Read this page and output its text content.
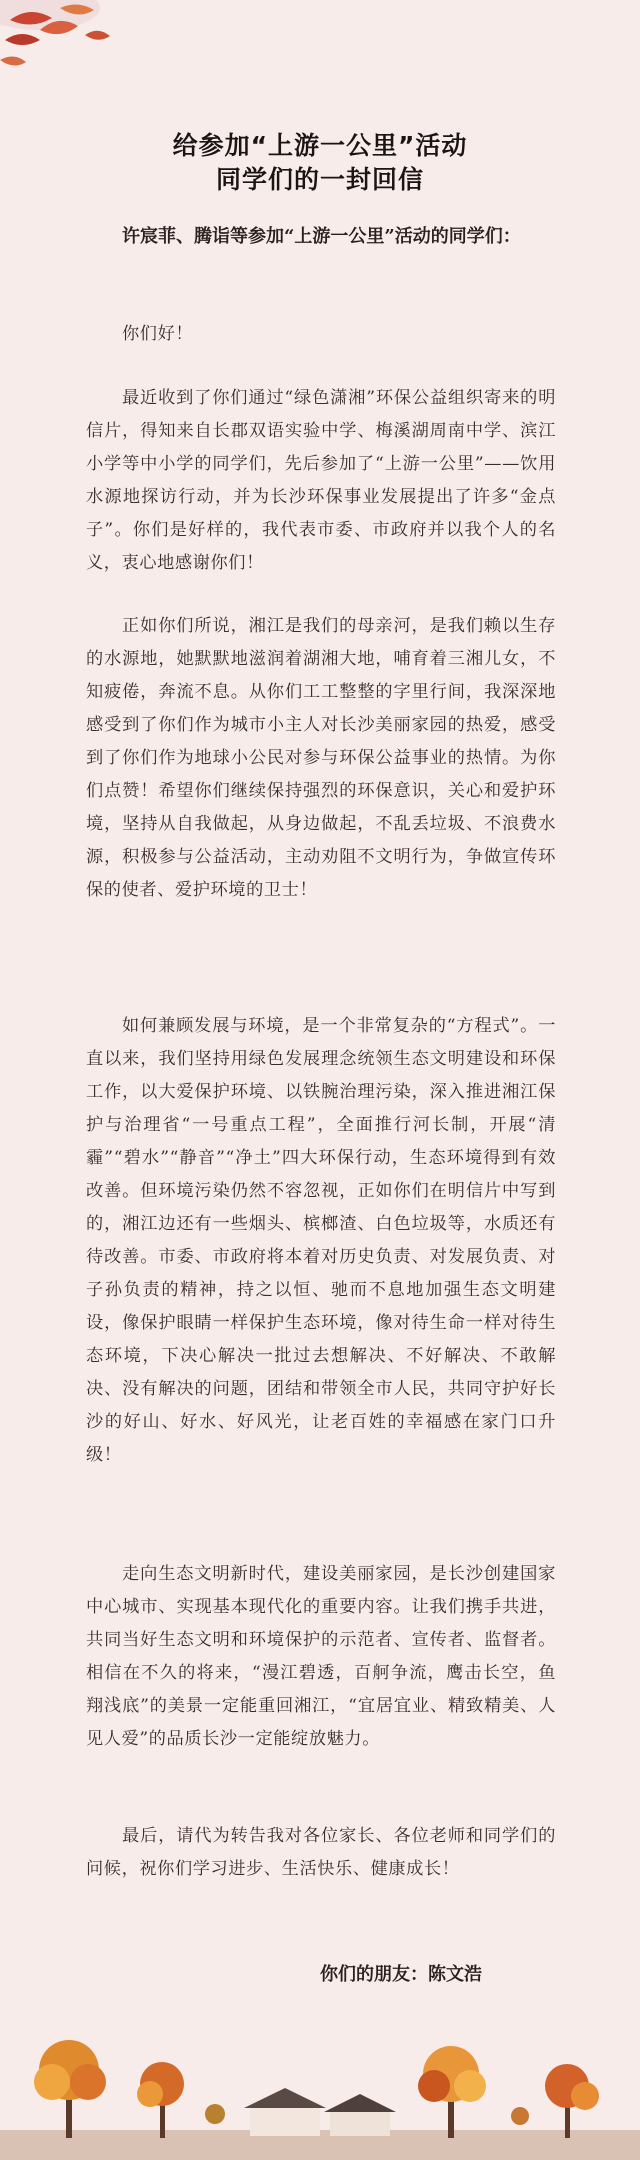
给参加“上游一公里”活动
同学们的一封回信
许宸菲、腾诣等参加“上游一公里”活动的同学们：
你们好！
最近收到了你们通过“绿色潇湘”环保公益组织寄来的明信片，得知来自长郡双语实验中学、梅溪湖周南中学、滨江小学等中小学的同学们，先后参加了“上游一公里”——饮用水源地探访行动，并为长沙环保事业发展提出了许多“金点子”。你们是好样的，我代表市委、市政府并以我个人的名义，衷心地感谢你们！
正如你们所说，湘江是我们的母亲河，是我们赖以生存的水源地，她默默地滋润着湖湘大地，哺育着三湘儿女，不知疲倦，奔流不息。从你们工工整整的字里行间，我深深地感受到了你们作为城市小主人对长沙美丽家园的热爱，感受到了你们作为地球小公民对参与环保公益事业的热情。为你们点赞！希望你们继续保持强烈的环保意识，关心和爱护环境，坚持从自我做起，从身边做起，不乱丢垃圾、不浪费水源，积极参与公益活动，主动劝阻不文明行为，争做宣传环保的使者、爱护环境的卫士！
如何兼顾发展与环境，是一个非常复杂的“方程式”。一直以来，我们坚持用绿色发展理念统领生态文明建设和环保工作，以大爱保护环境、以铁腕治理污染，深入推进湘江保护与治理省“一号重点工程”，全面推行河长制，开展“清霾”“碧水”“静音”“净土”四大环保行动，生态环境得到有效改善。但环境污染仍然不容忽视，正如你们在明信片中写到的，湘江边还有一些烟头、槟榔渣、白色垃圾等，水质还有待改善。市委、市政府将本着对历史负责、对发展负责、对子孙负责的精神，持之以恒、驰而不息地加强生态文明建设，像保护眼睛一样保护生态环境，像对待生命一样对待生态环境，下决心解决一批过去想解决、不好解决、不敢解决、没有解决的问题，团结和带领全市人民，共同守护好长沙的好山、好水、好风光，让老百姓的幸福感在家门口升级！
走向生态文明新时代，建设美丽家园，是长沙创建国家中心城市、实现基本现代化的重要内容。让我们携手共进，共同当好生态文明和环境保护的示范者、宣传者、监督者。相信在不久的将来，“漫江碧透，百舸争流，鹰击长空，鱼翔浅底”的美景一定能重回湘江，“宜居宜业、精致精美、人见人爱”的品质长沙一定能绽放魅力。
最后，请代为转告我对各位家长、各位老师和同学们的问候，祝你们学习进步、生活快乐、健康成长！
你们的朋友：陈文浩
